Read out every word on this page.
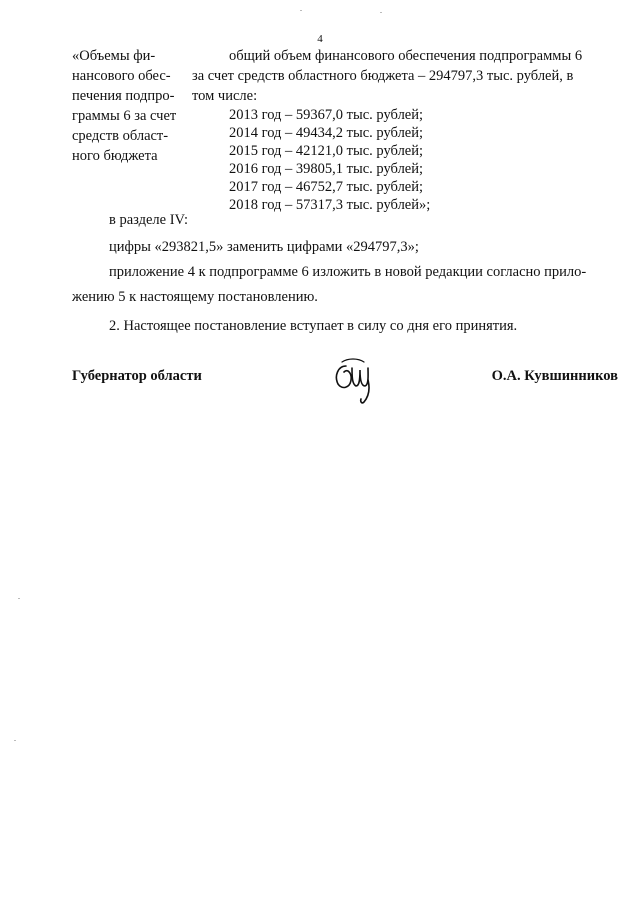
4
«Объемы фи-
нансового обес-
печения подпро-
граммы 6 за счет
средств област-
ного бюджета
общий объем финансового обеспечения подпрограммы 6
за счет средств областного бюджета – 294797,3 тыс. рублей, в
том числе:
2013 год – 59367,0 тыс. рублей;
2014 год – 49434,2 тыс. рублей;
2015 год – 42121,0 тыс. рублей;
2016 год – 39805,1 тыс. рублей;
2017 год – 46752,7 тыс. рублей;
2018 год – 57317,3 тыс. рублей»;
в разделе IV:
цифры «293821,5» заменить цифрами «294797,3»;
приложение 4 к подпрограмме 6 изложить в новой редакции согласно прило-
жению 5 к настоящему постановлению.
2. Настоящее постановление вступает в силу со дня его принятия.
Губернатор области	О.А. Кувшинников
